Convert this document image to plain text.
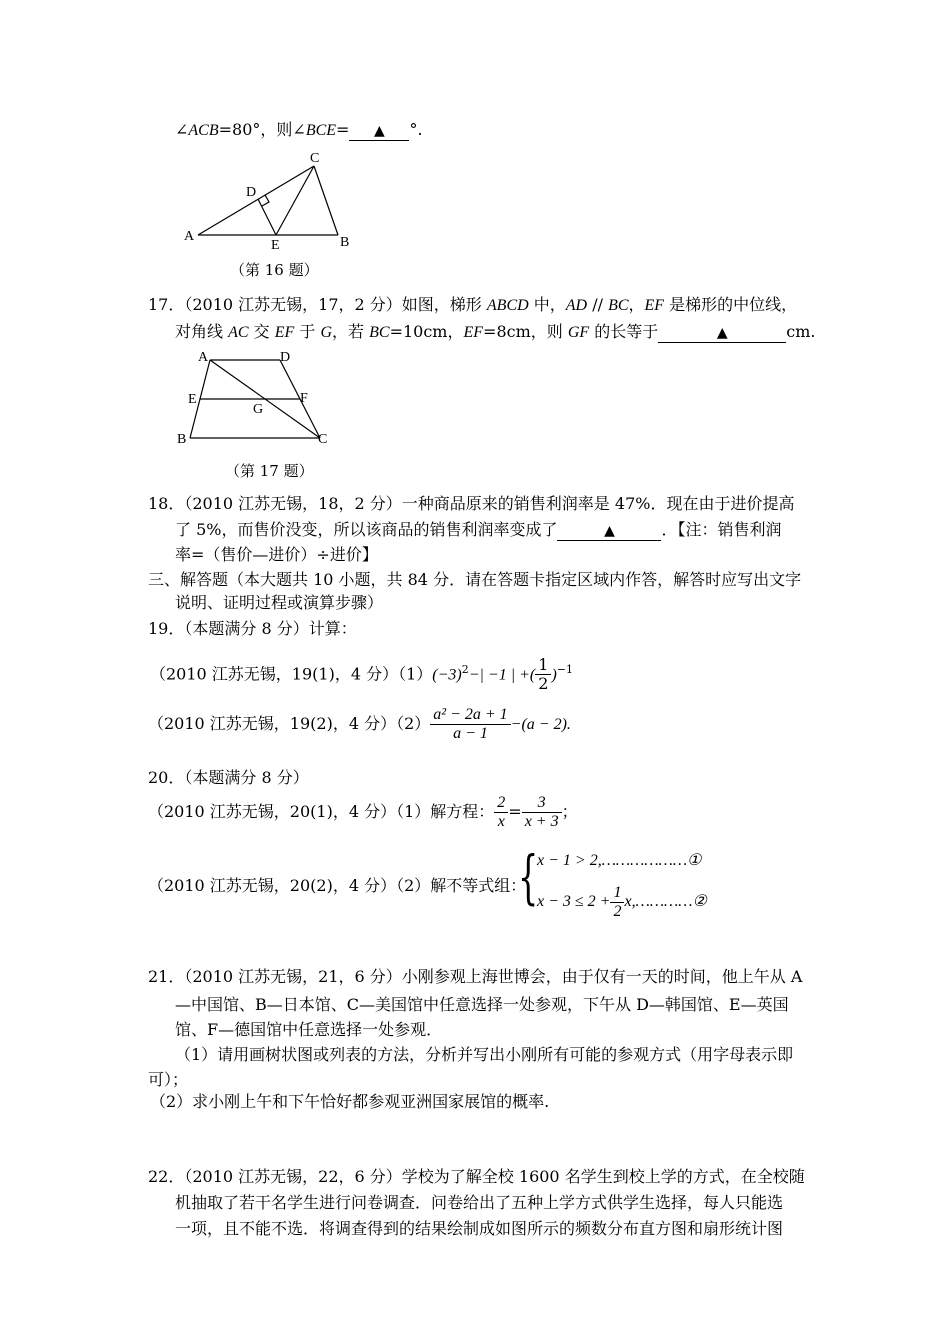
∠ACB=80°，则∠BCE= ▲ °.
A	B
C
D
E
（第 16 题）
17．（2010 江苏无锡，17，2 分）如图，梯形 ABCD 中，AD // BC，EF 是梯形的中位线，
对角线 AC 交 EF 于 G，若 BC=10cm，EF=8cm，则 GF 的长等于	▲	cm.
A	D
E	F
G
B	C
（第 17 题）
18．（2010 江苏无锡，18，2 分）一种商品原来的销售利润率是 47%．现在由于进价提高
了 5%，而售价没变，所以该商品的销售利润率变成了	▲	．【注：销售利润
率=（售价—进价）÷进价】
三、解答题（本大题共 10 小题，共 84 分．请在答题卡指定区域内作答，解答时应写出文字
说明、证明过程或演算步骤）
19．（本题满分 8 分）计算：
（2010 江苏无锡，19(1)，4 分）$(1)(-3)^2-| -1$ | +( $\frac{1}{2} )^{-1}$
（2010 江苏无锡，19(2)，4 分）$(2) \frac{\text{a² − 2a + 1}}{a - 1} -(a - 2)$.
20．（本题满分 8 分）
（2010 江苏无锡，20(1)，4 分）（1）解方程： $\frac{2}{x} = \frac{3}{x + 3}$ ；
（2010 江苏无锡，20(2)，4 分）（2）解不等式组：
{
x − 1 > 2,………………①
$x - 3 \le 2 + \frac{1}{2}$ x,…………②
21．（2010 江苏无锡，21，6 分）小刚参观上海世博会，由于仅有一天的时间，他上午从 A
—中国馆、B—日本馆、C—美国馆中任意选择一处参观，下午从 D—韩国馆、E—英国
馆、F—德国馆中任意选择一处参观．
（1）请用画树状图或列表的方法，分析并写出小刚所有可能的参观方式（用字母表示即
可）；
（2）求小刚上午和下午恰好都参观亚洲国家展馆的概率.
22．（2010 江苏无锡，22，6 分）学校为了解全校 1600 名学生到校上学的方式，在全校随
机抽取了若干名学生进行问卷调查．问卷给出了五种上学方式供学生选择，每人只能选
一项，且不能不选．将调查得到的结果绘制成如图所示的频数分布直方图和扇形统计图
